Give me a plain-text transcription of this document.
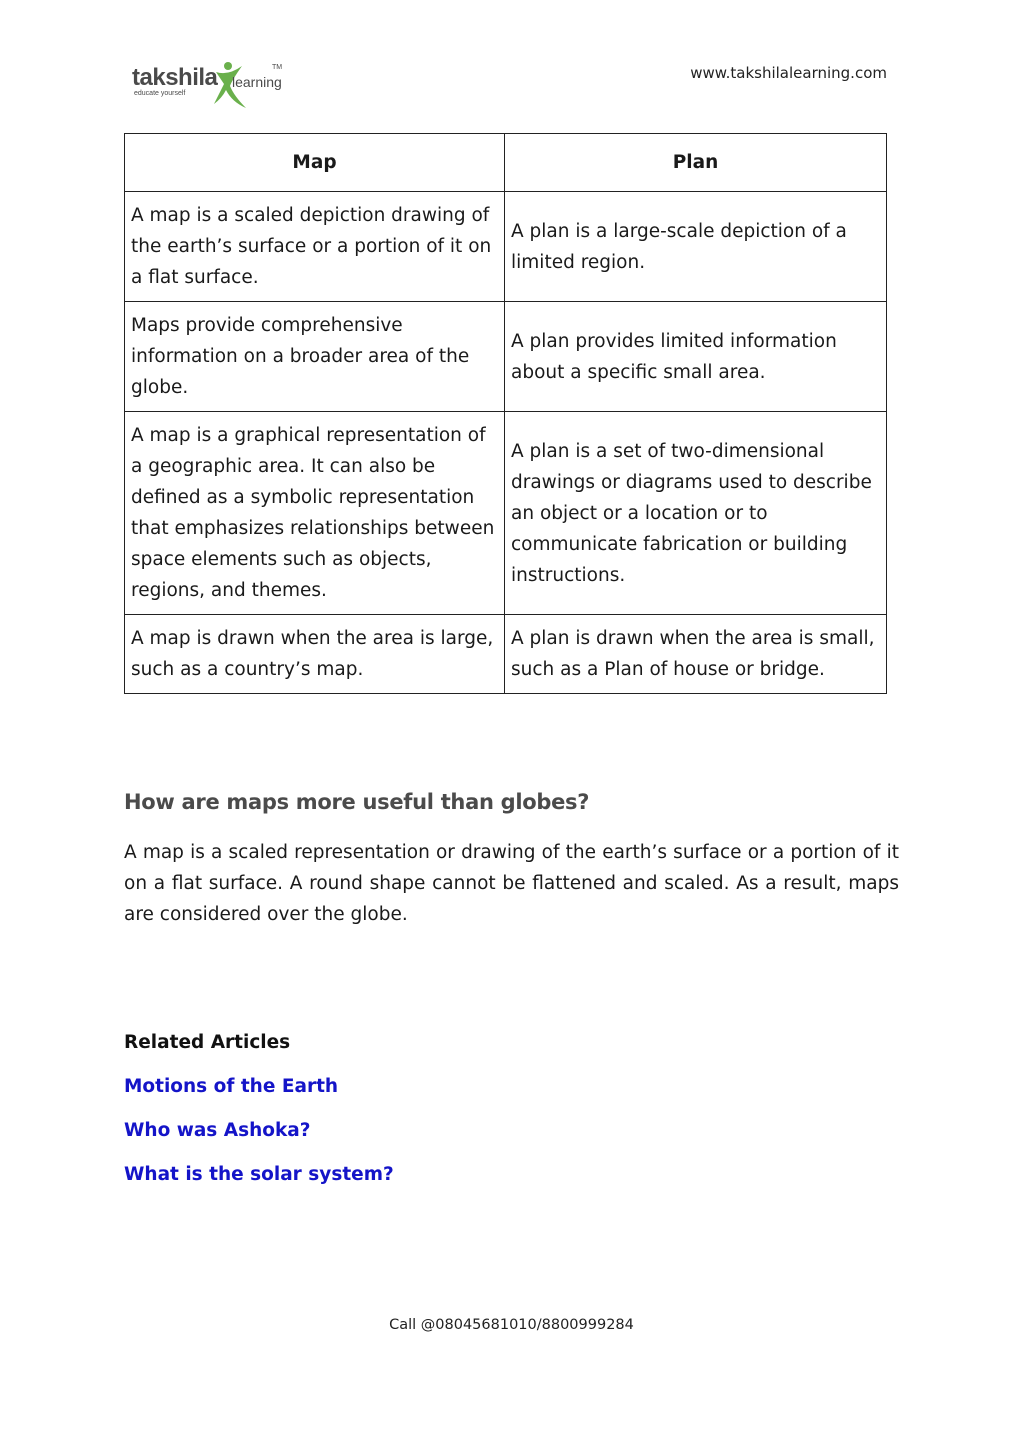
takshila learning
TM
educate yourself
www.takshilalearning.com
Map	Plan
A map is a scaled depiction drawing of the earth’s surface or a portion of it on a flat surface.	A plan is a large-scale depiction of a limited region.
Maps provide comprehensive information on a broader area of the globe.	A plan provides limited information about a specific small area.
A map is a graphical representation of a geographic area. It can also be defined as a symbolic representation that emphasizes relationships between space elements such as objects, regions, and themes.	A plan is a set of two-dimensional drawings or diagrams used to describe an object or a location or to communicate fabrication or building instructions.
A map is drawn when the area is large, such as a country’s map.	A plan is drawn when the area is small, such as a Plan of house or bridge.
How are maps more useful than globes?

A map is a scaled representation or drawing of the earth’s surface or a portion of it on a flat surface. A round shape cannot be flattened and scaled. As a result, maps are considered over the globe.

Related Articles
Motions of the Earth
Who was Ashoka?
What is the solar system?
Call @08045681010/8800999284
